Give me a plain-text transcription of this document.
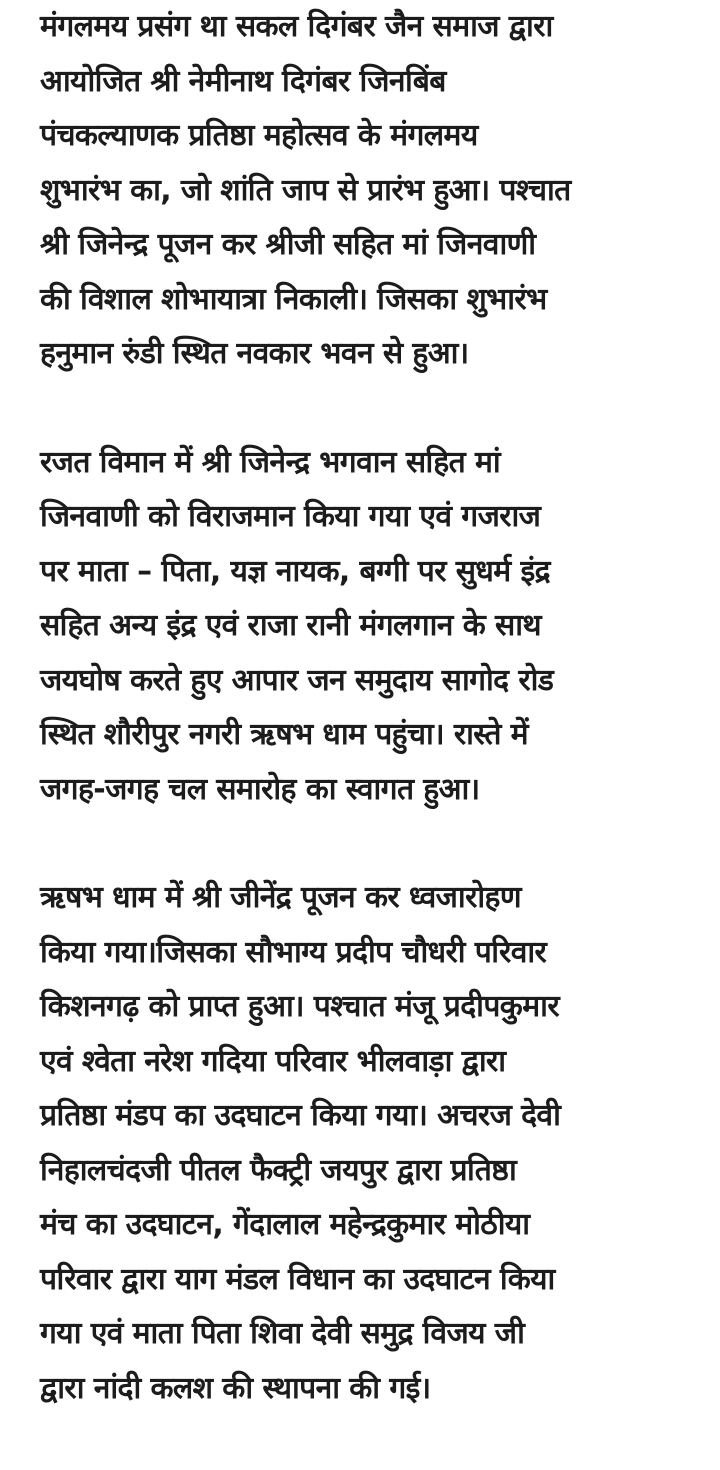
मंगलमय प्रसंग था सकल दिगंबर जैन समाज द्वारा
आयोजित श्री नेमीनाथ दिगंबर जिनबिंब
पंचकल्याणक प्रतिष्ठा महोत्सव के मंगलमय
शुभारंभ का, जो शांति जाप से प्रारंभ हुआ। पश्चात
श्री जिनेन्द्र पूजन कर श्रीजी सहित मां जिनवाणी
की विशाल शोभायात्रा निकाली। जिसका शुभारंभ
हनुमान रुंडी स्थित नवकार भवन से हुआ।

रजत विमान में श्री जिनेन्द्र भगवान सहित मां
जिनवाणी को विराजमान किया गया एवं गजराज
पर माता – पिता, यज्ञ नायक, बग्गी पर सुधर्म इंद्र
सहित अन्य इंद्र एवं राजा रानी मंगलगान के साथ
जयघोष करते हुए आपार जन समुदाय सागोद रोड
स्थित शौरीपुर नगरी ऋषभ धाम पहुंचा। रास्ते में
जगह-जगह चल समारोह का स्वागत हुआ।

ऋषभ धाम में श्री जीनेंद्र पूजन कर ध्वजारोहण
किया गया।जिसका सौभाग्य प्रदीप चौधरी परिवार
किशनगढ़ को प्राप्त हुआ। पश्चात मंजू प्रदीपकुमार
एवं श्वेता नरेश गदिया परिवार भीलवाड़ा द्वारा
प्रतिष्ठा मंडप का उदघाटन किया गया। अचरज देवी
निहालचंदजी पीतल फैक्ट्री जयपुर द्वारा प्रतिष्ठा
मंच का उदघाटन, गेंदालाल महेन्द्रकुमार मोठीया
परिवार द्वारा याग मंडल विधान का उदघाटन किया
गया एवं माता पिता शिवा देवी समुद्र विजय जी
द्वारा नांदी कलश की स्थापना की गई।
